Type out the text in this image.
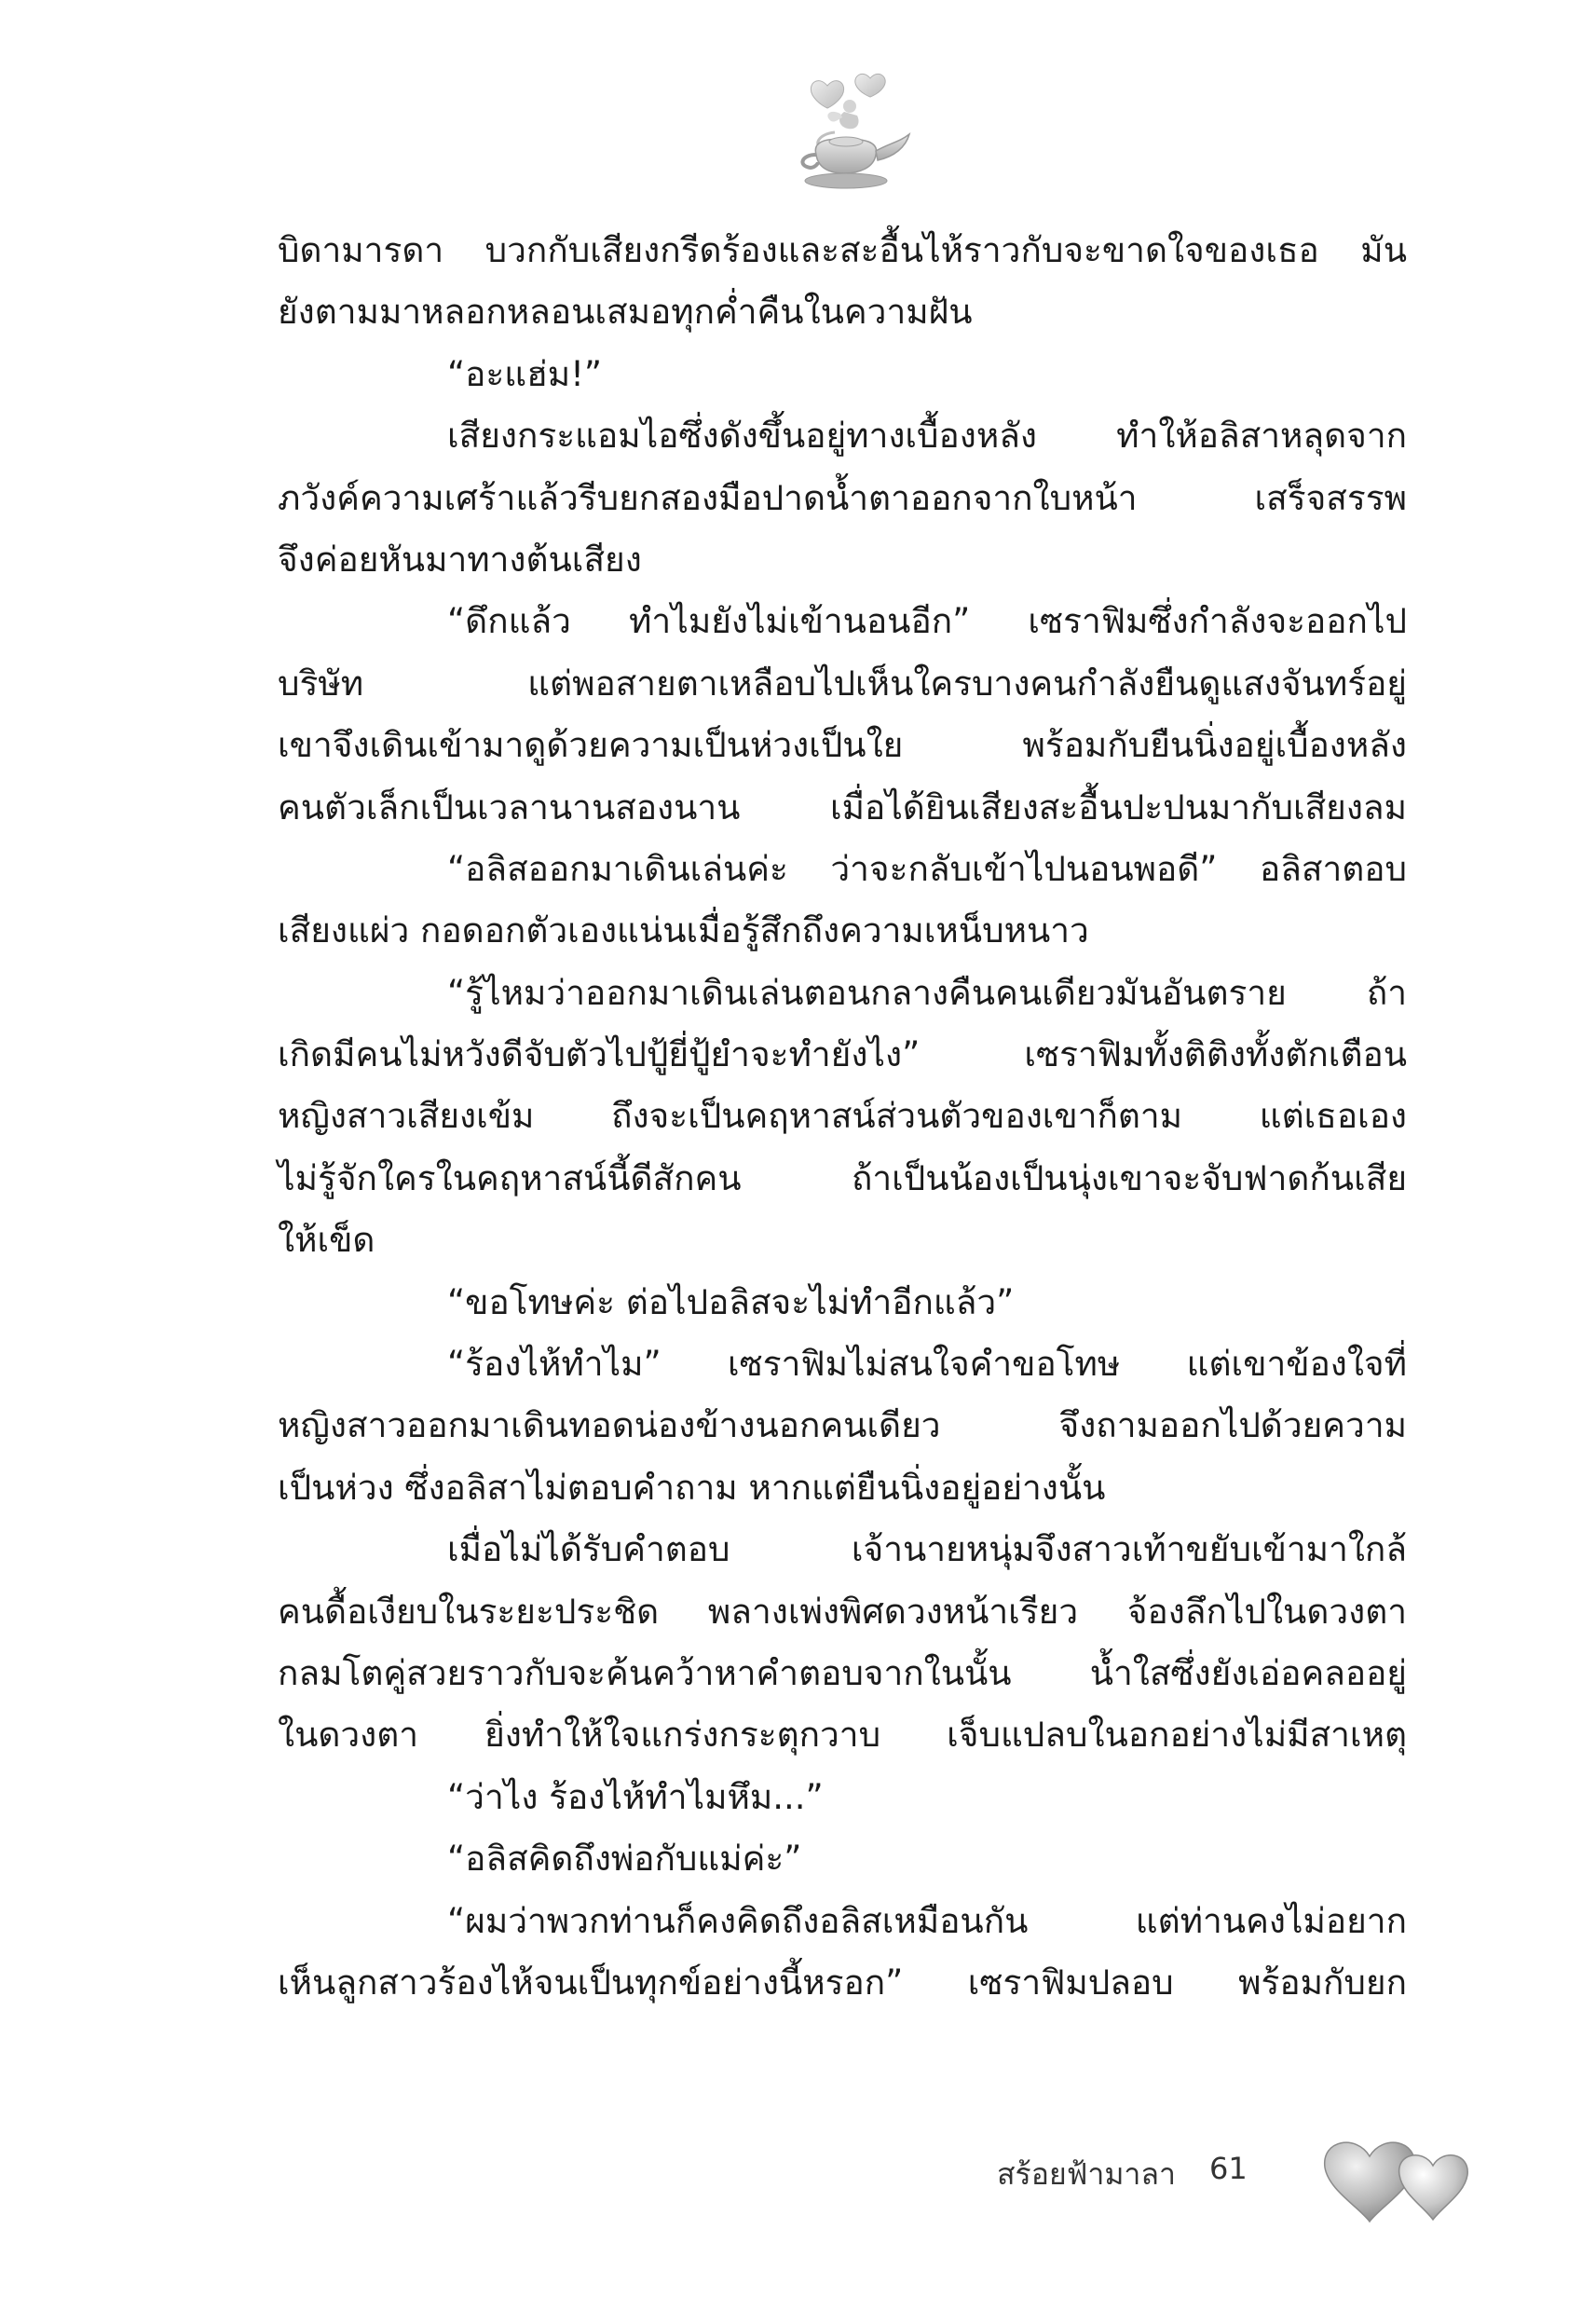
บิดามารดา บวกกับเสียงกรีดร้องและสะอื้นไห้ราวกับจะขาดใจของเธอ มัน
ยังตามมาหลอกหลอนเสมอทุกค่ำคืนในความฝัน
“อะแฮ่ม!”
เสียงกระแอมไอซึ่งดังขึ้นอยู่ทางเบื้องหลัง ทำให้อลิสาหลุดจาก
ภวังค์ความเศร้าแล้วรีบยกสองมือปาดน้ำตาออกจากใบหน้า เสร็จสรรพ
จึงค่อยหันมาทางต้นเสียง
“ดึกแล้ว ทำไมยังไม่เข้านอนอีก” เซราฟิมซึ่งกำลังจะออกไป
บริษัท แต่พอสายตาเหลือบไปเห็นใครบางคนกำลังยืนดูแสงจันทร์อยู่
เขาจึงเดินเข้ามาดูด้วยความเป็นห่วงเป็นใย พร้อมกับยืนนิ่งอยู่เบื้องหลัง
คนตัวเล็กเป็นเวลานานสองนาน เมื่อได้ยินเสียงสะอื้นปะปนมากับเสียงลม
“อลิสออกมาเดินเล่นค่ะ ว่าจะกลับเข้าไปนอนพอดี” อลิสาตอบ
เสียงแผ่ว กอดอกตัวเองแน่นเมื่อรู้สึกถึงความเหน็บหนาว
“รู้ไหมว่าออกมาเดินเล่นตอนกลางคืนคนเดียวมันอันตราย ถ้า
เกิดมีคนไม่หวังดีจับตัวไปปู้ยี่ปู้ยำจะทำยังไง” เซราฟิมทั้งติติงทั้งตักเตือน
หญิงสาวเสียงเข้ม ถึงจะเป็นคฤหาสน์ส่วนตัวของเขาก็ตาม แต่เธอเอง
ไม่รู้จักใครในคฤหาสน์นี้ดีสักคน ถ้าเป็นน้องเป็นนุ่งเขาจะจับฟาดก้นเสีย
ให้เข็ด
“ขอโทษค่ะ ต่อไปอลิสจะไม่ทำอีกแล้ว”
“ร้องไห้ทำไม” เซราฟิมไม่สนใจคำขอโทษ แต่เขาข้องใจที่
หญิงสาวออกมาเดินทอดน่องข้างนอกคนเดียว จึงถามออกไปด้วยความ
เป็นห่วง ซึ่งอลิสาไม่ตอบคำถาม หากแต่ยืนนิ่งอยู่อย่างนั้น
เมื่อไม่ได้รับคำตอบ เจ้านายหนุ่มจึงสาวเท้าขยับเข้ามาใกล้
คนดื้อเงียบในระยะประชิด พลางเพ่งพิศดวงหน้าเรียว จ้องลึกไปในดวงตา
กลมโตคู่สวยราวกับจะค้นคว้าหาคำตอบจากในนั้น น้ำใสซึ่งยังเอ่อคลออยู่
ในดวงตา ยิ่งทำให้ใจแกร่งกระตุกวาบ เจ็บแปลบในอกอย่างไม่มีสาเหตุ
“ว่าไง ร้องไห้ทำไมหึม...”
“อลิสคิดถึงพ่อกับแม่ค่ะ”
“ผมว่าพวกท่านก็คงคิดถึงอลิสเหมือนกัน แต่ท่านคงไม่อยาก
เห็นลูกสาวร้องไห้จนเป็นทุกข์อย่างนี้หรอก” เซราฟิมปลอบ พร้อมกับยก
สร้อยฟ้ามาลา 61
